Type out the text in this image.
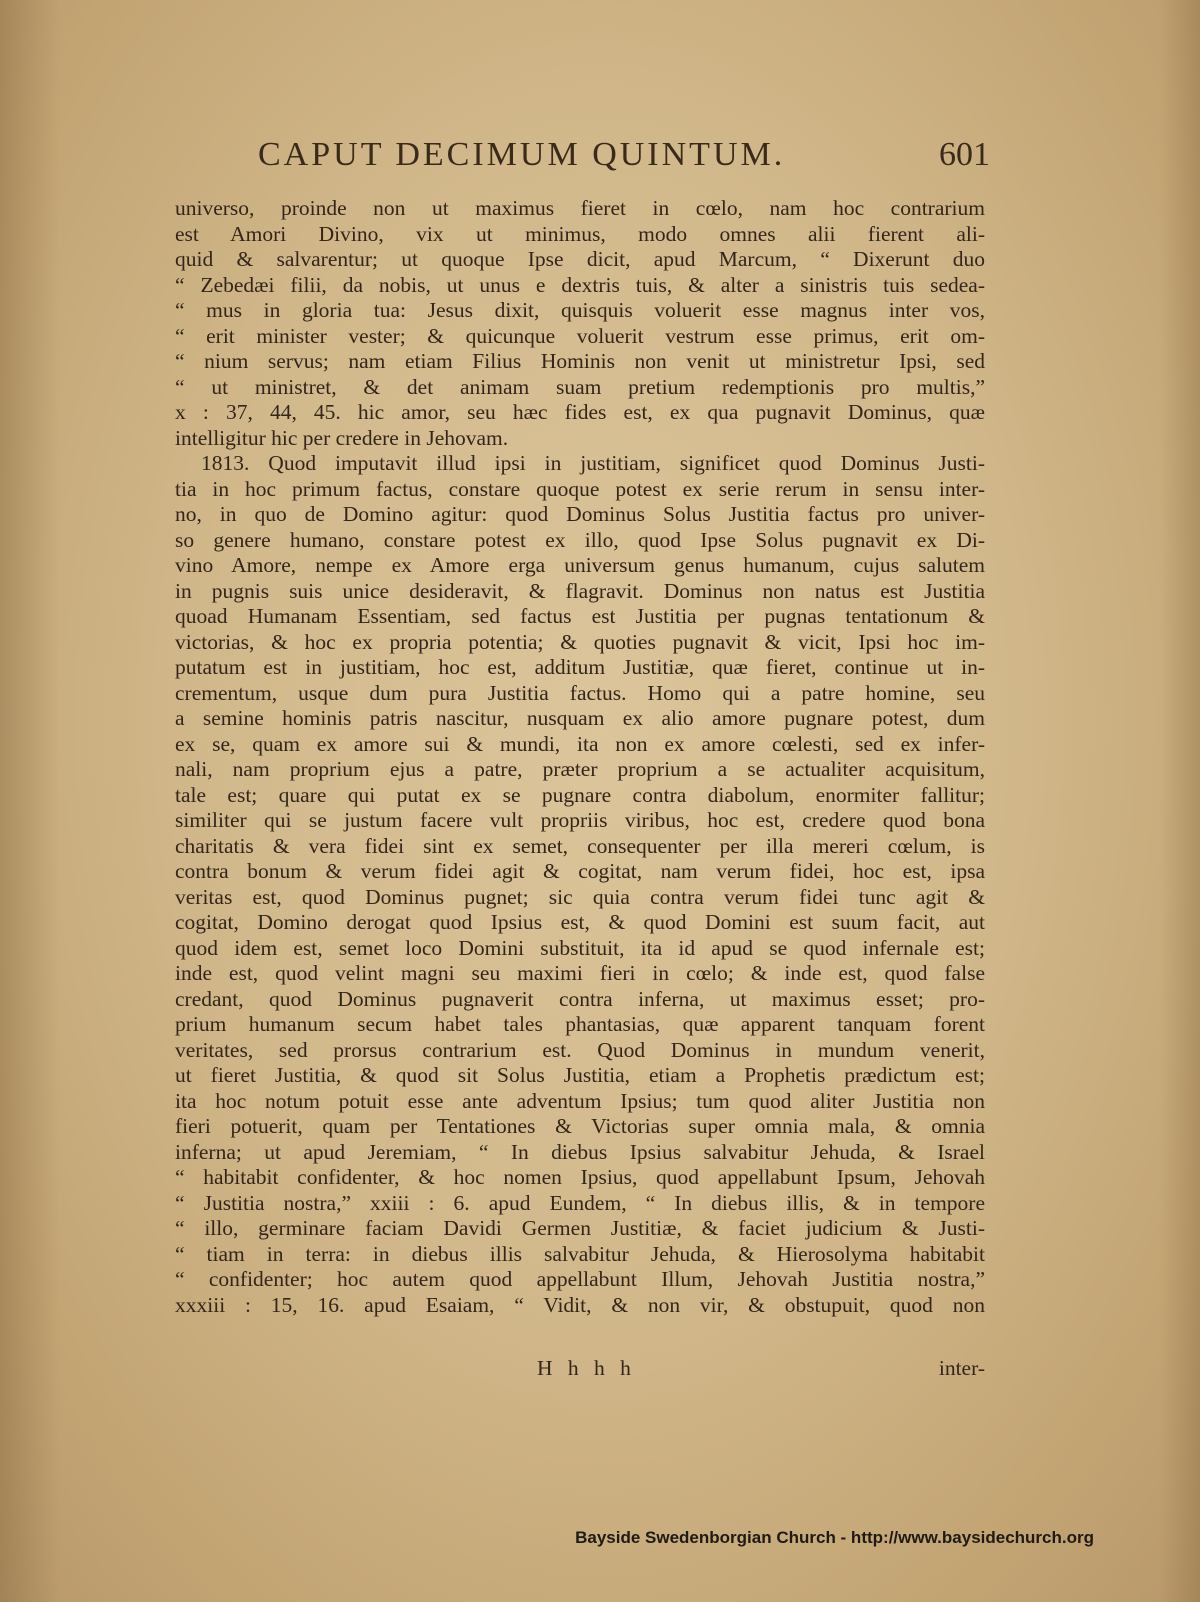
CAPUT DECIMUM QUINTUM.	601
universo, proinde non ut maximus fieret in cœlo, nam hoc contrarium
est Amori Divino, vix ut minimus, modo omnes alii fierent ali-
quid & salvarentur; ut quoque Ipse dicit, apud Marcum, “ Dixerunt duo
“ Zebedæi filii, da nobis, ut unus e dextris tuis, & alter a sinistris tuis sedea-
“ mus in gloria tua: Jesus dixit, quisquis voluerit esse magnus inter vos,
“ erit minister vester; & quicunque voluerit vestrum esse primus, erit om-
“ nium servus; nam etiam Filius Hominis non venit ut ministretur Ipsi, sed
“ ut ministret, & det animam suam pretium redemptionis pro multis,”
x : 37, 44, 45. hic amor, seu hæc fides est, ex qua pugnavit Dominus, quæ
intelligitur hic per credere in Jehovam.
1813. Quod imputavit illud ipsi in justitiam, significet quod Dominus Justi-
tia in hoc primum factus, constare quoque potest ex serie rerum in sensu inter-
no, in quo de Domino agitur: quod Dominus Solus Justitia factus pro univer-
so genere humano, constare potest ex illo, quod Ipse Solus pugnavit ex Di-
vino Amore, nempe ex Amore erga universum genus humanum, cujus salutem
in pugnis suis unice desideravit, & flagravit. Dominus non natus est Justitia
quoad Humanam Essentiam, sed factus est Justitia per pugnas tentationum &
victorias, & hoc ex propria potentia; & quoties pugnavit & vicit, Ipsi hoc im-
putatum est in justitiam, hoc est, additum Justitiæ, quæ fieret, continue ut in-
crementum, usque dum pura Justitia factus. Homo qui a patre homine, seu
a semine hominis patris nascitur, nusquam ex alio amore pugnare potest, dum
ex se, quam ex amore sui & mundi, ita non ex amore cœlesti, sed ex infer-
nali, nam proprium ejus a patre, præter proprium a se actualiter acquisitum,
tale est; quare qui putat ex se pugnare contra diabolum, enormiter fallitur;
similiter qui se justum facere vult propriis viribus, hoc est, credere quod bona
charitatis & vera fidei sint ex semet, consequenter per illa mereri cœlum, is
contra bonum & verum fidei agit & cogitat, nam verum fidei, hoc est, ipsa
veritas est, quod Dominus pugnet; sic quia contra verum fidei tunc agit &
cogitat, Domino derogat quod Ipsius est, & quod Domini est suum facit, aut
quod idem est, semet loco Domini substituit, ita id apud se quod infernale est;
inde est, quod velint magni seu maximi fieri in cœlo; & inde est, quod false
credant, quod Dominus pugnaverit contra inferna, ut maximus esset; pro-
prium humanum secum habet tales phantasias, quæ apparent tanquam forent
veritates, sed prorsus contrarium est. Quod Dominus in mundum venerit,
ut fieret Justitia, & quod sit Solus Justitia, etiam a Prophetis prædictum est;
ita hoc notum potuit esse ante adventum Ipsius; tum quod aliter Justitia non
fieri potuerit, quam per Tentationes & Victorias super omnia mala, & omnia
inferna; ut apud Jeremiam, “ In diebus Ipsius salvabitur Jehuda, & Israel
“ habitabit confidenter, & hoc nomen Ipsius, quod appellabunt Ipsum, Jehovah
“ Justitia nostra,” xxiii : 6. apud Eundem, “ In diebus illis, & in tempore
“ illo, germinare faciam Davidi Germen Justitiæ, & faciet judicium & Justi-
“ tiam in terra: in diebus illis salvabitur Jehuda, & Hierosolyma habitabit
“ confidenter; hoc autem quod appellabunt Illum, Jehovah Justitia nostra,”
xxxiii : 15, 16. apud Esaiam, “ Vidit, & non vir, & obstupuit, quod non
H h h h	inter-
Bayside Swedenborgian Church - http://www.baysidechurch.org
